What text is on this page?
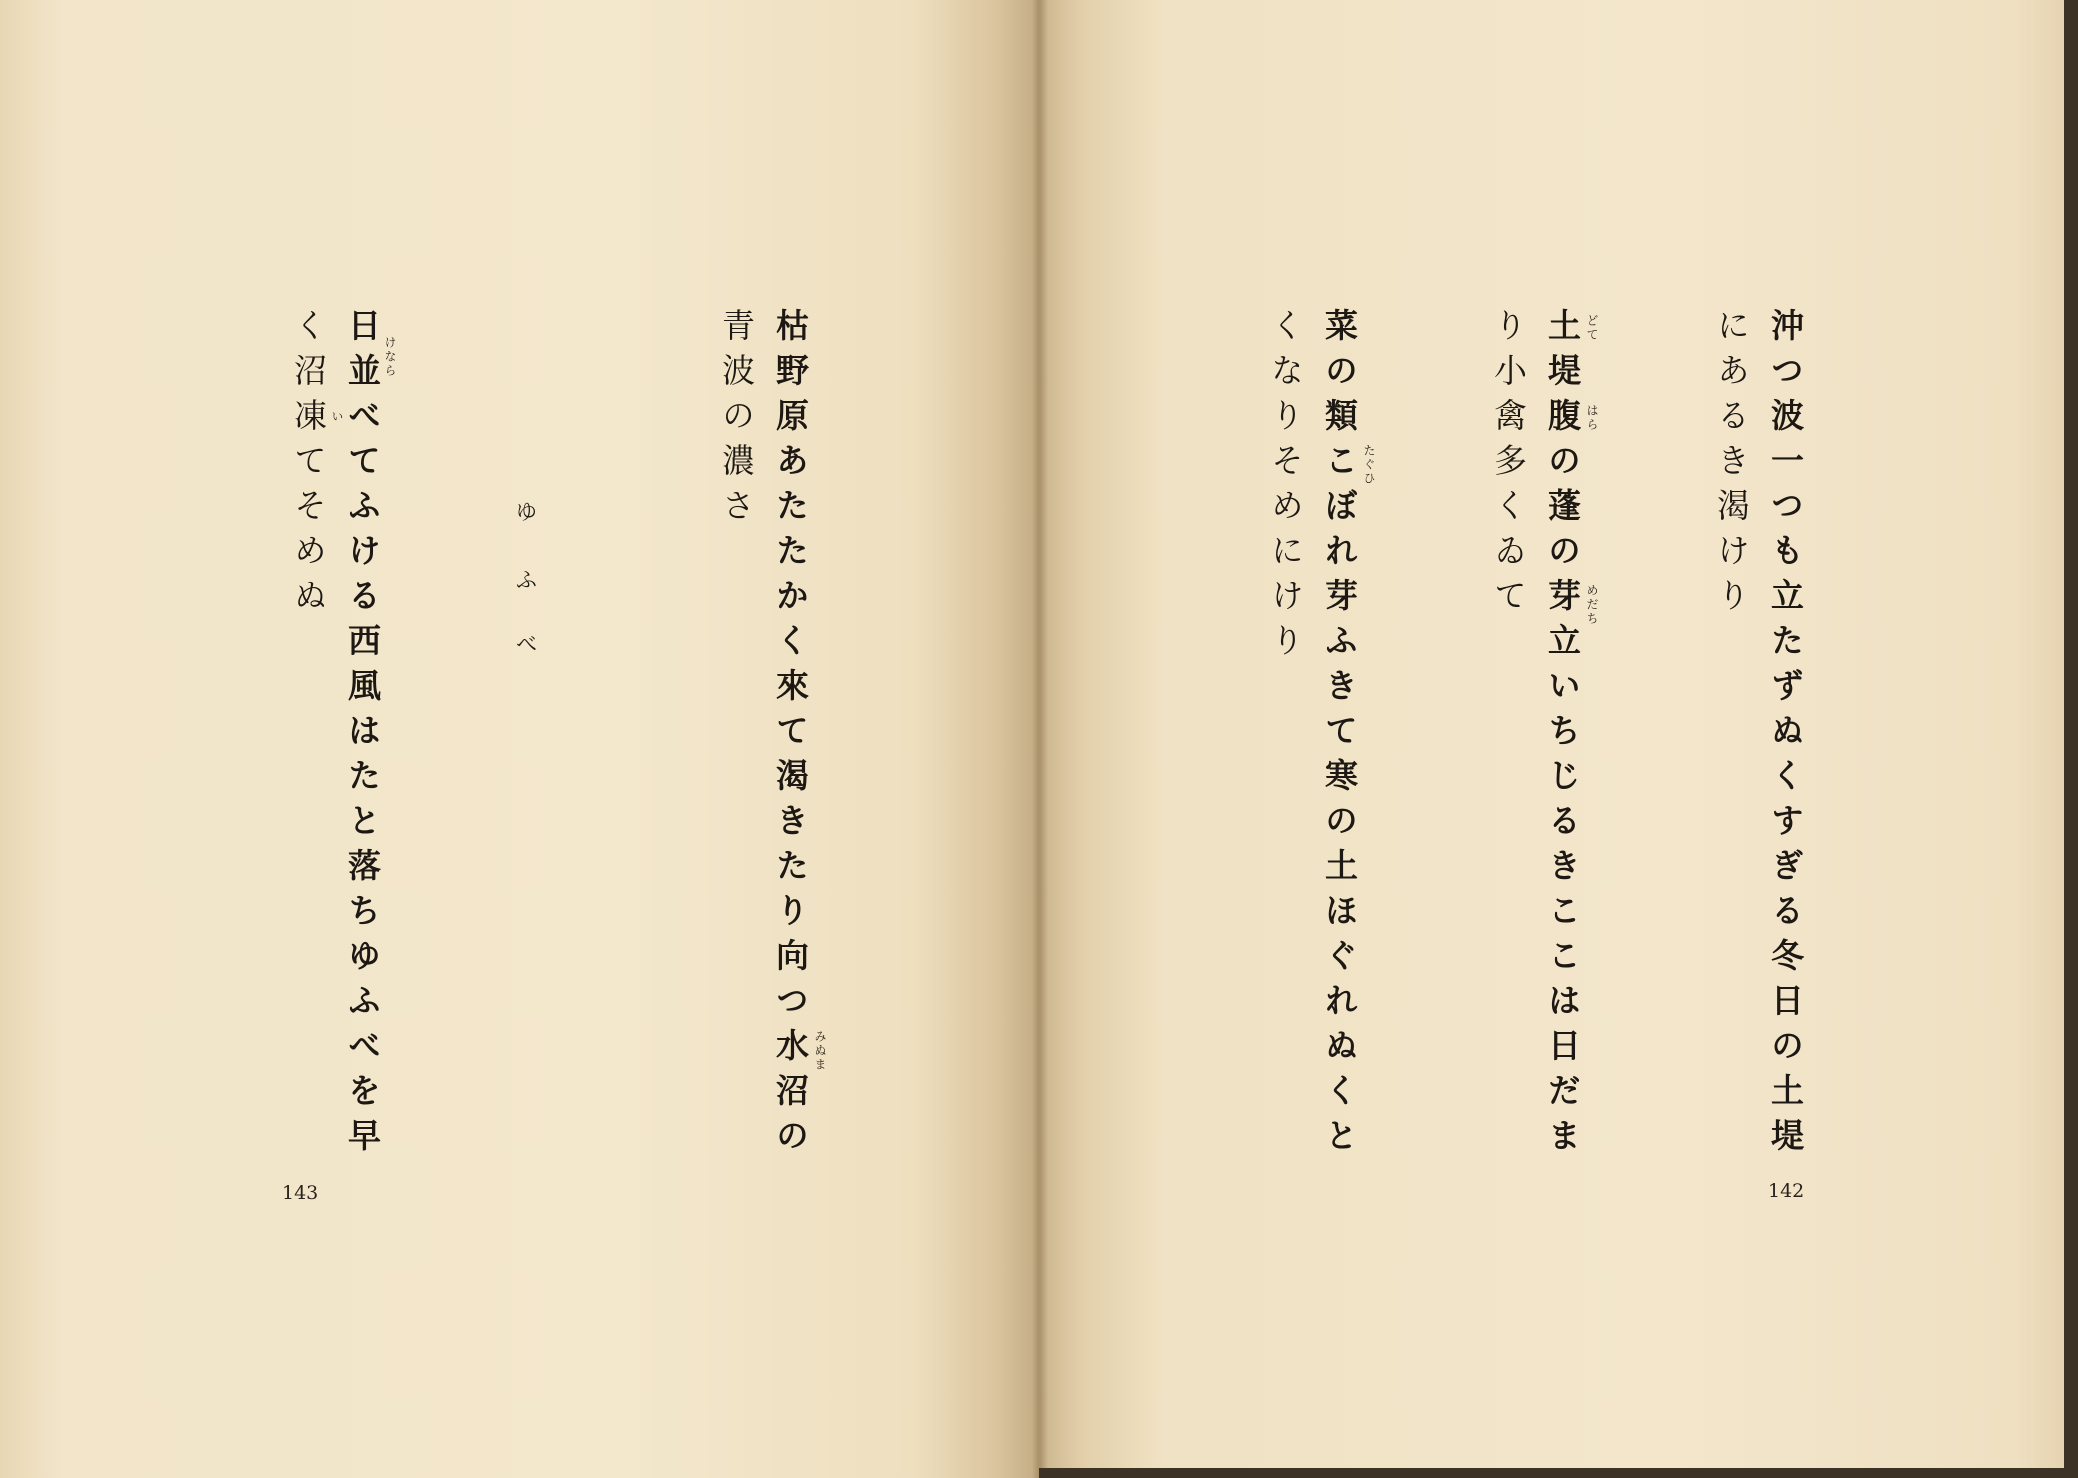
沖つ波一つも立たずぬくすぎる冬日の土堤
にあるき渴けり
土堤腹の蓬の芽立いちじるきここは日だま
り小禽多くゐて	どて
はら
めだち
菜の類こぼれ芽ふきて寒の土ほぐれぬくと
くなりそめにけり	たぐひ
142
枯野原あたたかく來て渴きたり向つ水沼の
青波の濃さ
みぬま
ゆ
ふ
べ
日並べてふける西風はたと落ちゆふべを早
く沼凍てそめぬ	けなら
い
143
